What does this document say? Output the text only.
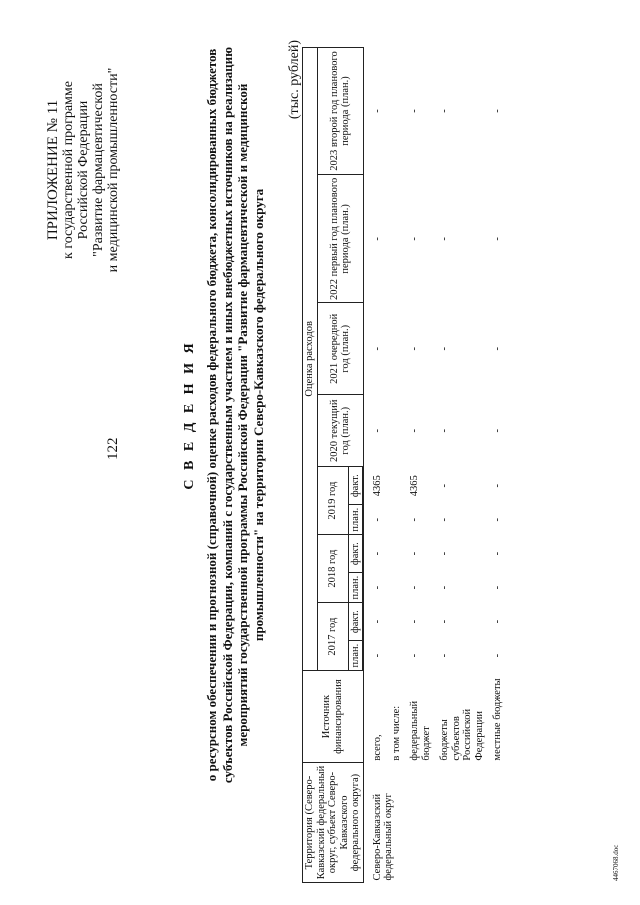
122
ПРИЛОЖЕНИЕ № 11 к государственной программе Российской Федерации "Развитие фармацевтической и медицинской промышленности"
С В Е Д Е Н И Я о ресурсном обеспечении и прогнозной (справочной) оценке расходов федерального бюджета, консолидированных бюджетов субъектов Российской Федерации, компаний с государственным участием и иных внебюджетных источников на реализацию мероприятий государственной программы Российской Федерации "Развитие фармацевтической и медицинской промышленности" на территории Северо-Кавказского федерального округа
(тыс. рублей)
Территория (Северо-Кавказский федеральный округ, субъект Северо-Кавказского федерального округа)	Источник финансирования	Оценка расходов										
		2017 год		2018 год		2019 год		2020 текущий год (план.)	2021 очередной год (план.)	2022 первый год планового периода (план.)	2023 второй год планового периода (план.)	
		план.	факт.	план.	факт.	план.	факт.					
Северо-Кавказский федеральный округ	всего,	-	-	-	-	-	4365	-	-	-	-	
	в том числе:											
	федеральный бюджет	-	-	-	-	-	4365	-	-	-	-	
	бюджеты субъектов Российской Федерации	-	-	-	-	-	-	-	-	-	-	
	местные бюджеты	-	-	-	-	-	-	-	-	-	-	
4467068.doc
